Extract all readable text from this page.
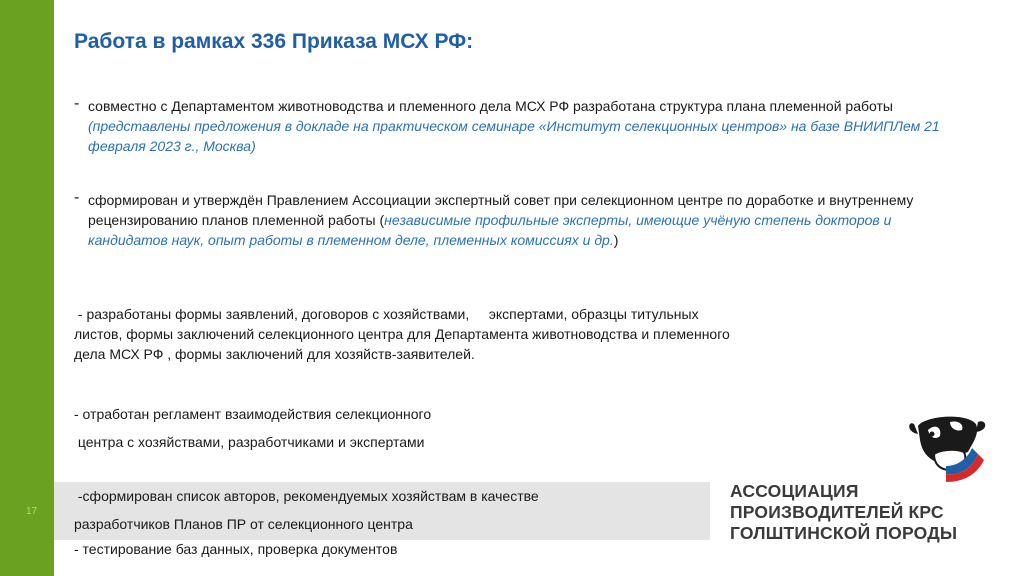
17
Работа в рамках 336 Приказа МСХ РФ:
- совместно с Департаментом животноводства и племенного дела МСХ РФ разработана структура плана племенной работы (представлены предложения в докладе на практическом семинаре «Институт селекционных центров» на базе ВНИИПЛем 21 февраля 2023 г., Москва)
- сформирован и утверждён Правлением Ассоциации экспертный совет при селекционном центре по доработке и внутреннему рецензированию планов племенной работы (независимые профильные эксперты, имеющие учёную степень докторов и кандидатов наук, опыт работы в племенном деле, племенных комиссиях и др.)
- разработаны формы заявлений, договоров с хозяйствами,     экспертами, образцы титульных
листов, формы заключений селекционного центра для Департамента животноводства и племенного
дела МСХ РФ , формы заключений для хозяйств-заявителей.
- отработан регламент взаимодействия селекционного
центра с хозяйствами, разработчиками и экспертами
-сформирован список авторов, рекомендуемых хозяйствам в качестве
разработчиков Планов ПР от селекционного центра
- тестирование баз данных, проверка документов
АССОЦИАЦИЯ
ПРОИЗВОДИТЕЛЕЙ КРС
ГОЛШТИНСКОЙ ПОРОДЫ
